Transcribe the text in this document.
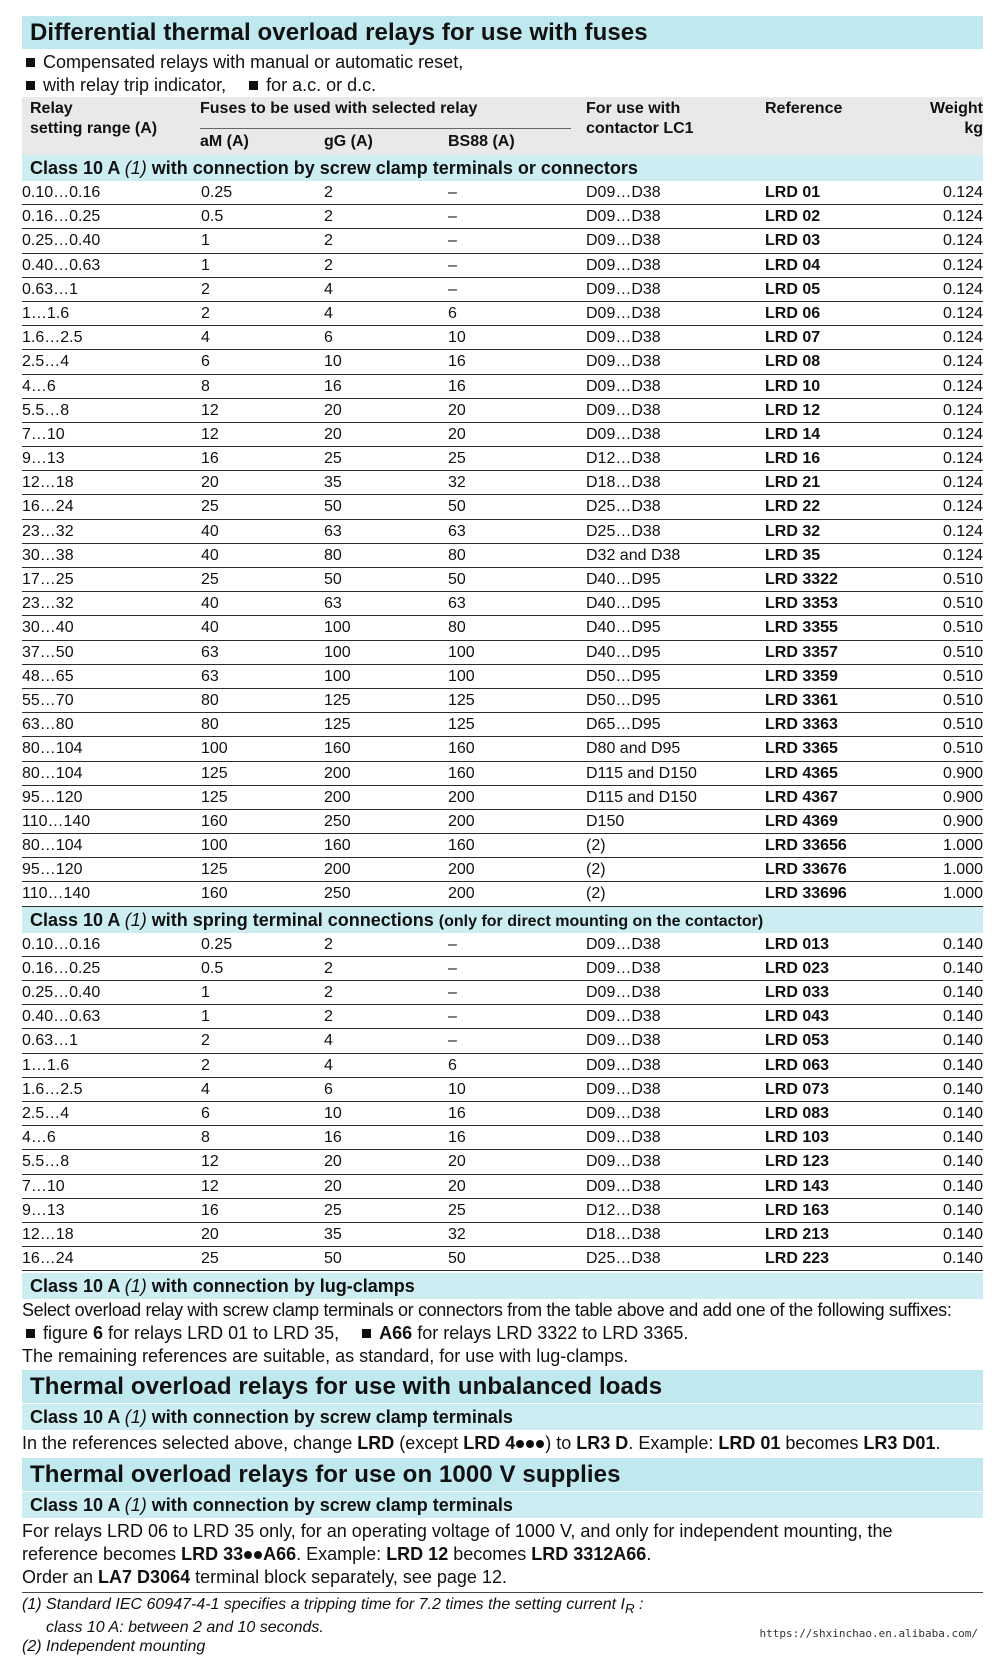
Differential thermal overload relays for use with fuses
Compensated relays with manual or automatic reset,
with relay trip indicator, for a.c. or d.c.
Relay
setting range (A)
Fuses to be used with selected relay
aM (A)	gG (A)	BS88 (A)
For use with
contactor LC1
Reference	Weight
kg
Class 10 A (1) with connection by screw clamp terminals or connectors
0.10…0.16	0.25	2	–	D09…D38	LRD 01	0.124
0.16…0.25	0.5	2	–	D09…D38	LRD 02	0.124
0.25…0.40	1	2	–	D09…D38	LRD 03	0.124
0.40…0.63	1	2	–	D09…D38	LRD 04	0.124
0.63…1	2	4	–	D09…D38	LRD 05	0.124
1…1.6	2	4	6	D09…D38	LRD 06	0.124
1.6…2.5	4	6	10	D09…D38	LRD 07	0.124
2.5…4	6	10	16	D09…D38	LRD 08	0.124
4…6	8	16	16	D09…D38	LRD 10	0.124
5.5…8	12	20	20	D09…D38	LRD 12	0.124
7…10	12	20	20	D09…D38	LRD 14	0.124
9…13	16	25	25	D12…D38	LRD 16	0.124
12…18	20	35	32	D18…D38	LRD 21	0.124
16…24	25	50	50	D25…D38	LRD 22	0.124
23…32	40	63	63	D25…D38	LRD 32	0.124
30…38	40	80	80	D32 and D38	LRD 35	0.124
17…25	25	50	50	D40…D95	LRD 3322	0.510
23…32	40	63	63	D40…D95	LRD 3353	0.510
30…40	40	100	80	D40…D95	LRD 3355	0.510
37…50	63	100	100	D40…D95	LRD 3357	0.510
48…65	63	100	100	D50…D95	LRD 3359	0.510
55…70	80	125	125	D50…D95	LRD 3361	0.510
63…80	80	125	125	D65…D95	LRD 3363	0.510
80…104	100	160	160	D80 and D95	LRD 3365	0.510
80…104	125	200	160	D115 and D150	LRD 4365	0.900
95…120	125	200	200	D115 and D150	LRD 4367	0.900
110…140	160	250	200	D150	LRD 4369	0.900
80…104	100	160	160	(2)	LRD 33656	1.000
95…120	125	200	200	(2)	LRD 33676	1.000
110…140	160	250	200	(2)	LRD 33696	1.000
Class 10 A (1) with spring terminal connections (only for direct mounting on the contactor)
0.10…0.16	0.25	2	–	D09…D38	LRD 013	0.140
0.16…0.25	0.5	2	–	D09…D38	LRD 023	0.140
0.25…0.40	1	2	–	D09…D38	LRD 033	0.140
0.40…0.63	1	2	–	D09…D38	LRD 043	0.140
0.63…1	2	4	–	D09…D38	LRD 053	0.140
1…1.6	2	4	6	D09…D38	LRD 063	0.140
1.6…2.5	4	6	10	D09…D38	LRD 073	0.140
2.5…4	6	10	16	D09…D38	LRD 083	0.140
4…6	8	16	16	D09…D38	LRD 103	0.140
5.5…8	12	20	20	D09…D38	LRD 123	0.140
7…10	12	20	20	D09…D38	LRD 143	0.140
9…13	16	25	25	D12…D38	LRD 163	0.140
12…18	20	35	32	D18…D38	LRD 213	0.140
16…24	25	50	50	D25…D38	LRD 223	0.140
Class 10 A (1) with connection by lug-clamps
Select overload relay with screw clamp terminals or connectors from the table above and add one of the following suffixes:
figure 6 for relays LRD 01 to LRD 35, A66 for relays LRD 3322 to LRD 3365.
The remaining references are suitable, as standard, for use with lug-clamps.
Thermal overload relays for use with unbalanced loads
Class 10 A (1) with connection by screw clamp terminals
In the references selected above, change LRD (except LRD 4 ) to LR3 D. Example: LRD 01 becomes LR3 D01.
Thermal overload relays for use on 1000 V supplies
Class 10 A (1) with connection by screw clamp terminals
For relays LRD 06 to LRD 35 only, for an operating voltage of 1000 V, and only for independent mounting, the
reference becomes LRD 33 A66. Example: LRD 12 becomes LRD 3312A66.
Order an LA7 D3064 terminal block separately, see page 12.
(1) Standard IEC 60947-4-1 specifies a tripping time for 7.2 times the setting current $I_R$ :
class 10 A: between 2 and 10 seconds.
(2) Independent mounting
https://shxinchao.en.alibaba.com/
